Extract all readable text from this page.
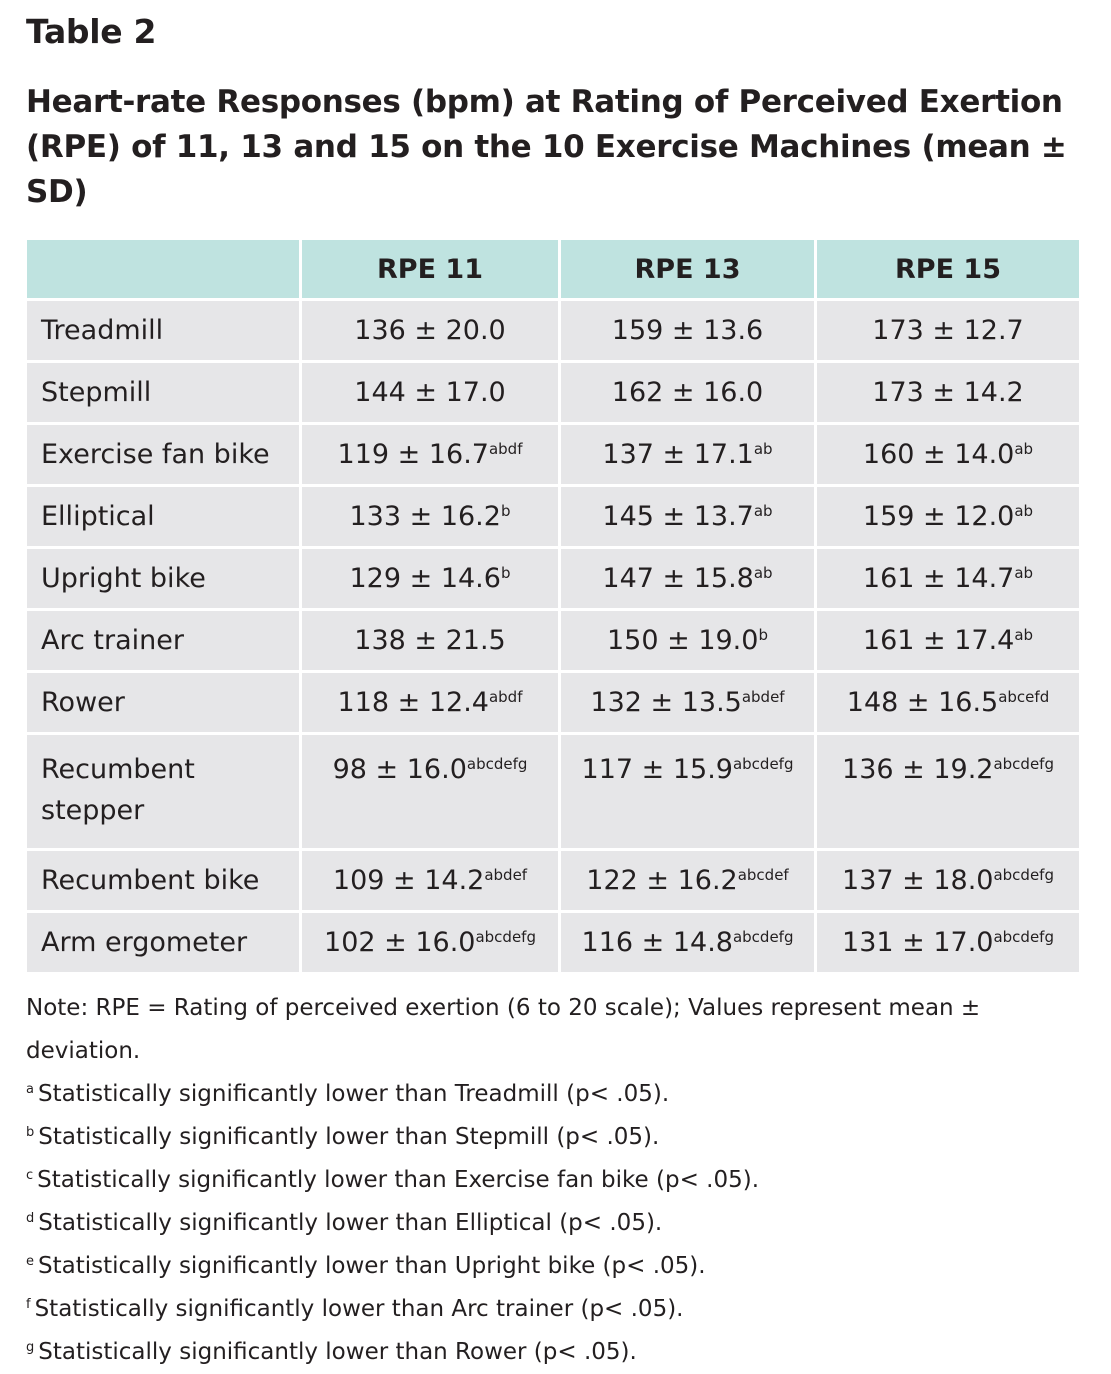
Table 2
Heart-rate Responses (bpm) at Rating of Perceived Exertion (RPE) of 11, 13 and 15 on the 10 Exercise Machines (mean ± SD)
	RPE 11	RPE 13	RPE 15
Treadmill	136 ± 20.0	159 ± 13.6	173 ± 12.7
Stepmill	144 ± 17.0	162 ± 16.0	173 ± 14.2
Exercise fan bike	$119 \pm 16.7^{abdf}$	137 ± 17.1$^{ab}$	160 ± 14.0$^{ab}$
Elliptical	133 ± 16.2$^b$	145 ± 13.7$^{ab}$	159 ± 12.0$^{ab}$
Upright bike	129 ± 14.6$^b$	147 ± 15.8$^{ab}$	161 ± 14.7$^{ab}$
Arc trainer	138 ± 21.5	150 ± 19.0$^b$	161 ± 17.4$^{ab}$
Rower	$118 \pm 12.4^{abdf}$	$132 \pm 13.5^{abdef}$	$148 \pm 16.5^{abcefd}$
Recumbent stepper	$98 \pm 16.0^{abcdefg}$	$117 \pm 15.9^{abcdefg}$	$136 \pm 19.2^{abcdefg}$
Recumbent bike	$109 \pm 14.2^{abdef}$	$122 \pm 16.2^{abcdef}$	$137 \pm 18.0^{abcdefg}$
Arm ergometer	$102 \pm 16.0^{abcdefg}$	$116 \pm 14.8^{abcdefg}$	$131 \pm 17.0^{abcdefg}$

Note: RPE = Rating of perceived exertion (6 to 20 scale); Values represent mean ±

deviation.

$^a$ Statistically significantly lower than Treadmill (p< .05).

$^b$ Statistically significantly lower than Stepmill (p< .05).

$^c$ Statistically significantly lower than Exercise fan bike (p< .05).

$^d$ Statistically significantly lower than Elliptical (p< .05).

$^e$ Statistically significantly lower than Upright bike (p< .05).

$^f$ Statistically significantly lower than Arc trainer (p< .05).

$^g$ Statistically significantly lower than Rower (p< .05).
